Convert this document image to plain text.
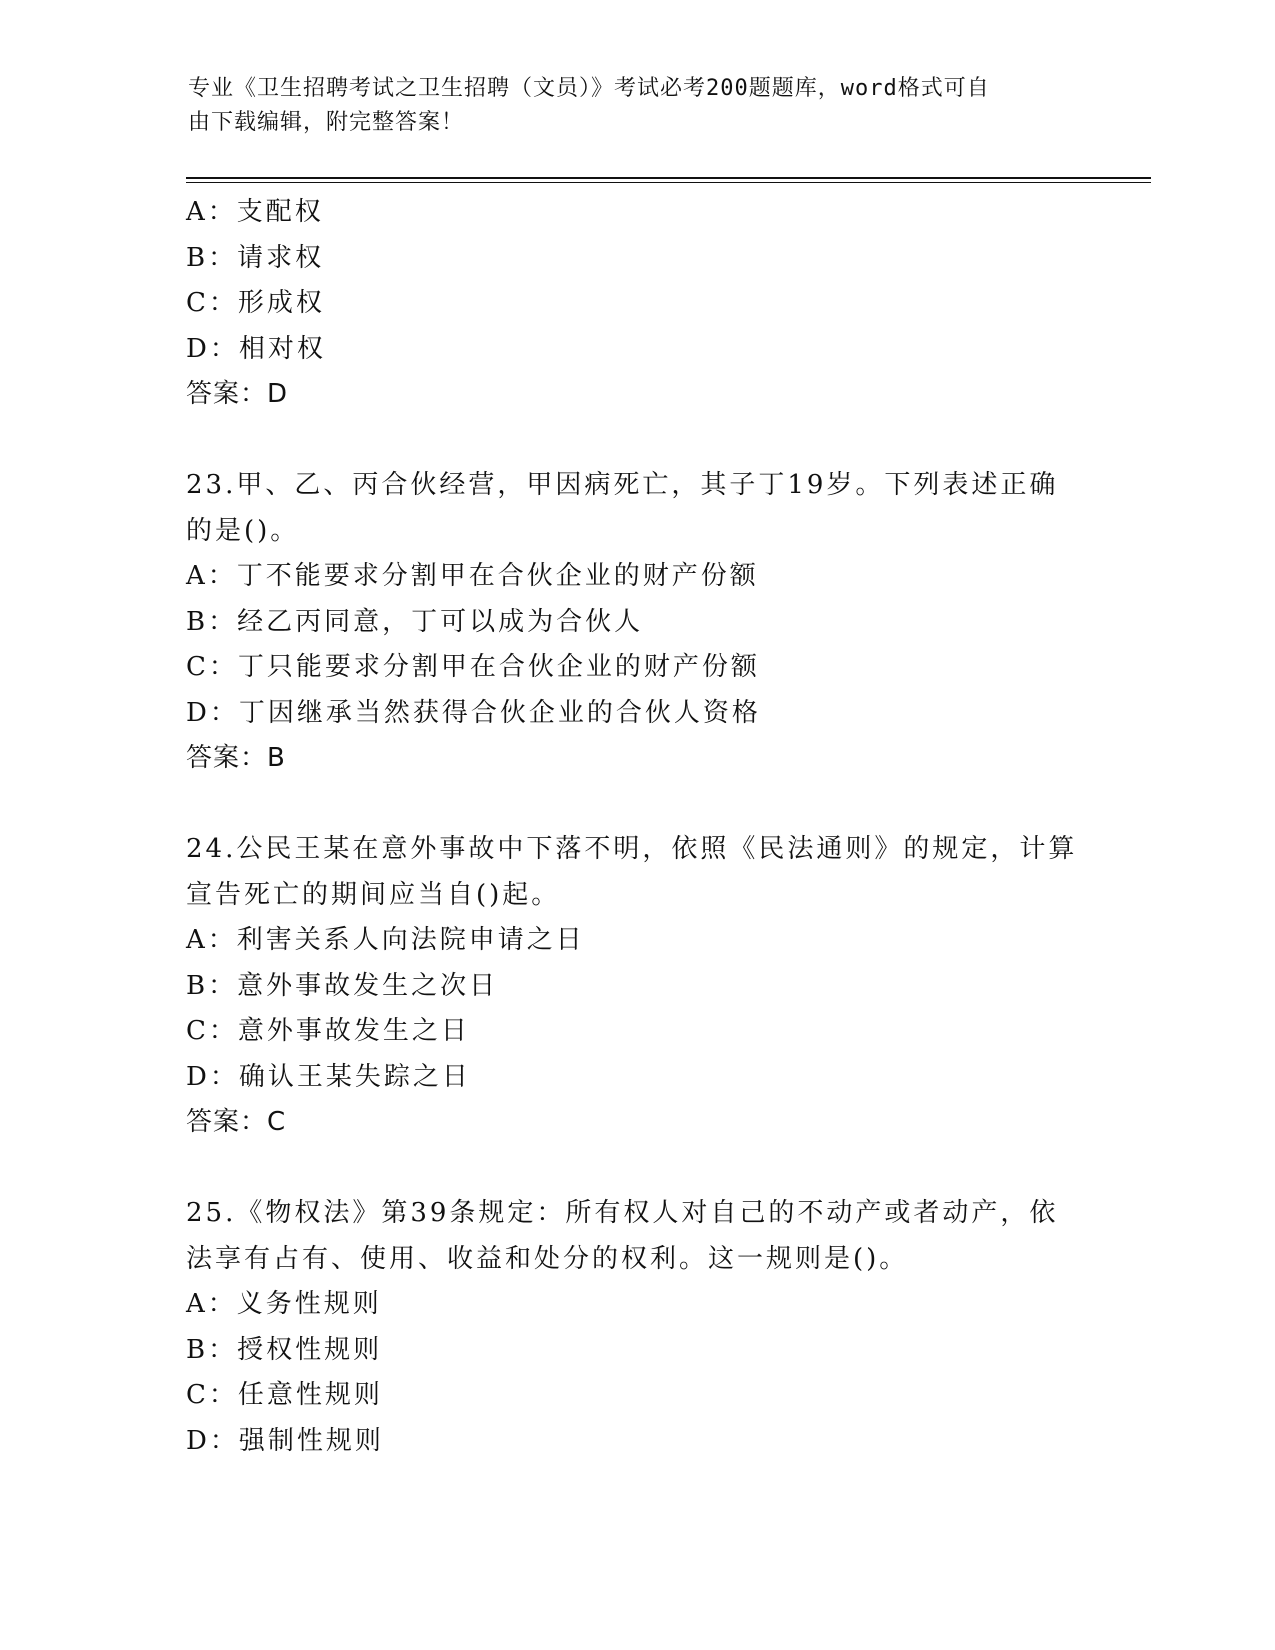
专业《卫生招聘考试之卫生招聘（文员）》考试必考200题题库，word格式可自
由下载编辑，附完整答案！
A：支配权
B：请求权
C：形成权
D：相对权
答案：D
23.甲、乙、丙合伙经营，甲因病死亡，其子丁19岁。下列表述正确
的是()。
A：丁不能要求分割甲在合伙企业的财产份额
B：经乙丙同意，丁可以成为合伙人
C：丁只能要求分割甲在合伙企业的财产份额
D：丁因继承当然获得合伙企业的合伙人资格
答案：B
24.公民王某在意外事故中下落不明，依照《民法通则》的规定，计算
宣告死亡的期间应当自()起。
A：利害关系人向法院申请之日
B：意外事故发生之次日
C：意外事故发生之日
D：确认王某失踪之日
答案：C
25.《物权法》第39条规定：所有权人对自己的不动产或者动产，依
法享有占有、使用、收益和处分的权利。这一规则是()。
A：义务性规则
B：授权性规则
C：任意性规则
D：强制性规则
